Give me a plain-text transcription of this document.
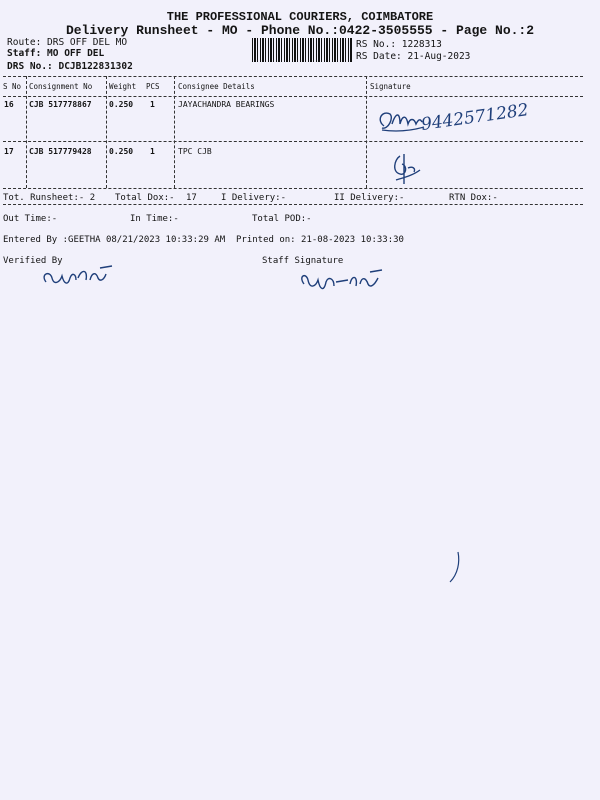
THE PROFESSIONAL COURIERS, COIMBATORE
Delivery Runsheet - MO - Phone No.:0422-3505555 - Page No.:2
Route: DRS OFF DEL MO
Staff: MO OFF DEL
DRS No.: DCJB122831302
RS No.: 1228313
RS Date: 21-Aug-2023
S No Consignment No Weight PCS Consignee Details	Signature
16 CJB 517778867 0.250 1	JAYACHANDRA BEARINGS	9442571282
17 CJB 517779428 0.250 1	TPC CJB
Tot. Runsheet:- 2 Total Dox:- 17	I Delivery:-	II Delivery:-	RTN Dox:-
Out Time:-	In Time:-	Total POD:-
Entered By :GEETHA 08/21/2023 10:33:29 AM Printed on: 21-08-2023 10:33:30
Verified By	Staff Signature
